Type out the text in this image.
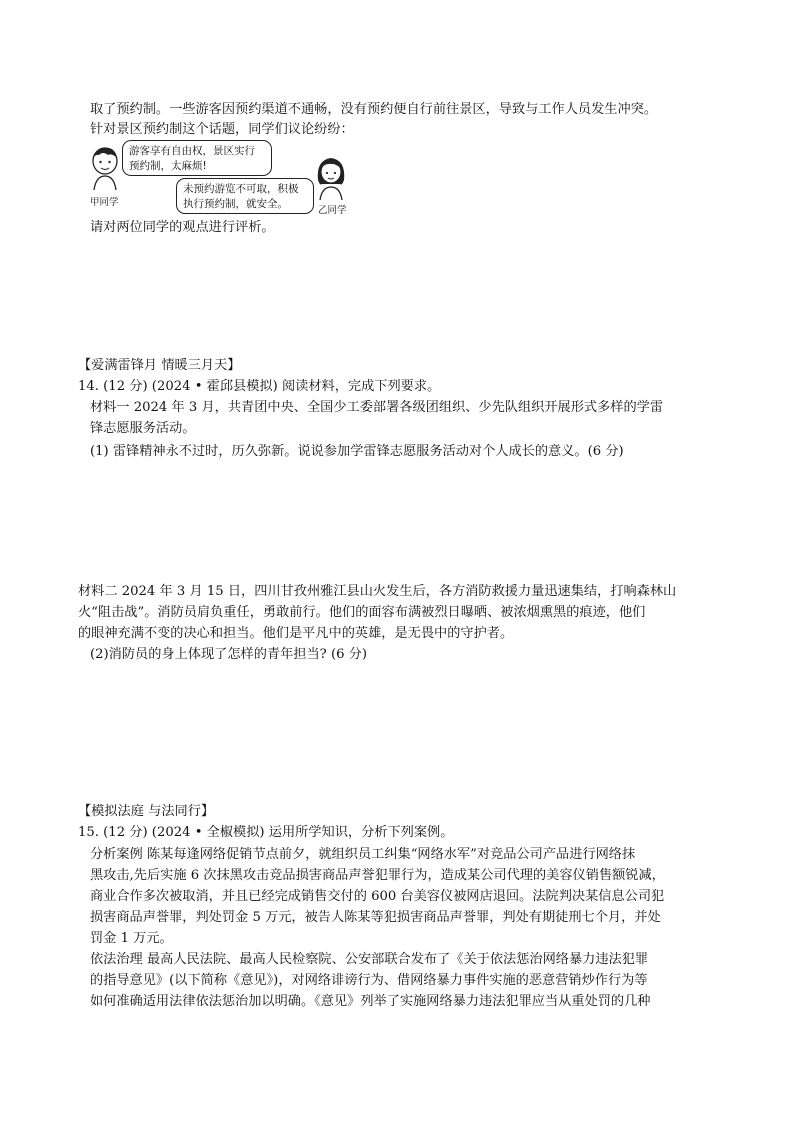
取了预约制。一些游客因预约渠道不通畅，没有预约便自行前往景区，导致与工作人员发生冲突。
针对景区预约制这个话题，同学们议论纷纷：
甲同学
游客享有自由权，景区实行预约制，太麻烦!
未预约游览不可取，积极执行预约制，就安全。
乙同学
请对两位同学的观点进行评析。
【爱满雷锋月 情暖三月天】
14. (12 分) (2024 • 霍邱县模拟) 阅读材料，完成下列要求。
材料一 2024 年 3 月，共青团中央、全国少工委部署各级团组织、少先队组织开展形式多样的学雷
锋志愿服务活动。
(1) 雷锋精神永不过时，历久弥新。说说参加学雷锋志愿服务活动对个人成长的意义。(6 分)
材料二 2024 年 3 月 15 日，四川甘孜州雅江县山火发生后，各方消防救援力量迅速集结，打响森林山
火“阻击战”。消防员肩负重任，勇敢前行。他们的面容布满被烈日曝晒、被浓烟熏黑的痕迹，他们
的眼神充满不变的决心和担当。他们是平凡中的英雄，是无畏中的守护者。
(2)消防员的身上体现了怎样的青年担当? (6 分)
【模拟法庭 与法同行】
15. (12 分) (2024 • 全椒模拟) 运用所学知识，分析下列案例。
分析案例 陈某每逢网络促销节点前夕，就组织员工纠集“网络水军”对竞品公司产品进行网络抹
黑攻击,先后实施 6 次抹黑攻击竞品损害商品声誉犯罪行为，造成某公司代理的美容仪销售额锐减，
商业合作多次被取消，并且已经完成销售交付的 600 台美容仪被网店退回。法院判决某信息公司犯
损害商品声誉罪，判处罚金 5 万元，被告人陈某等犯损害商品声誉罪，判处有期徒刑七个月，并处
罚金 1 万元。
依法治理 最高人民法院、最高人民检察院、公安部联合发布了《关于依法惩治网络暴力违法犯罪
的指导意见》(以下简称《意见》)，对网络诽谤行为、借网络暴力事件实施的恶意营销炒作行为等
如何准确适用法律依法惩治加以明确。《意见》列举了实施网络暴力违法犯罪应当从重处罚的几种
